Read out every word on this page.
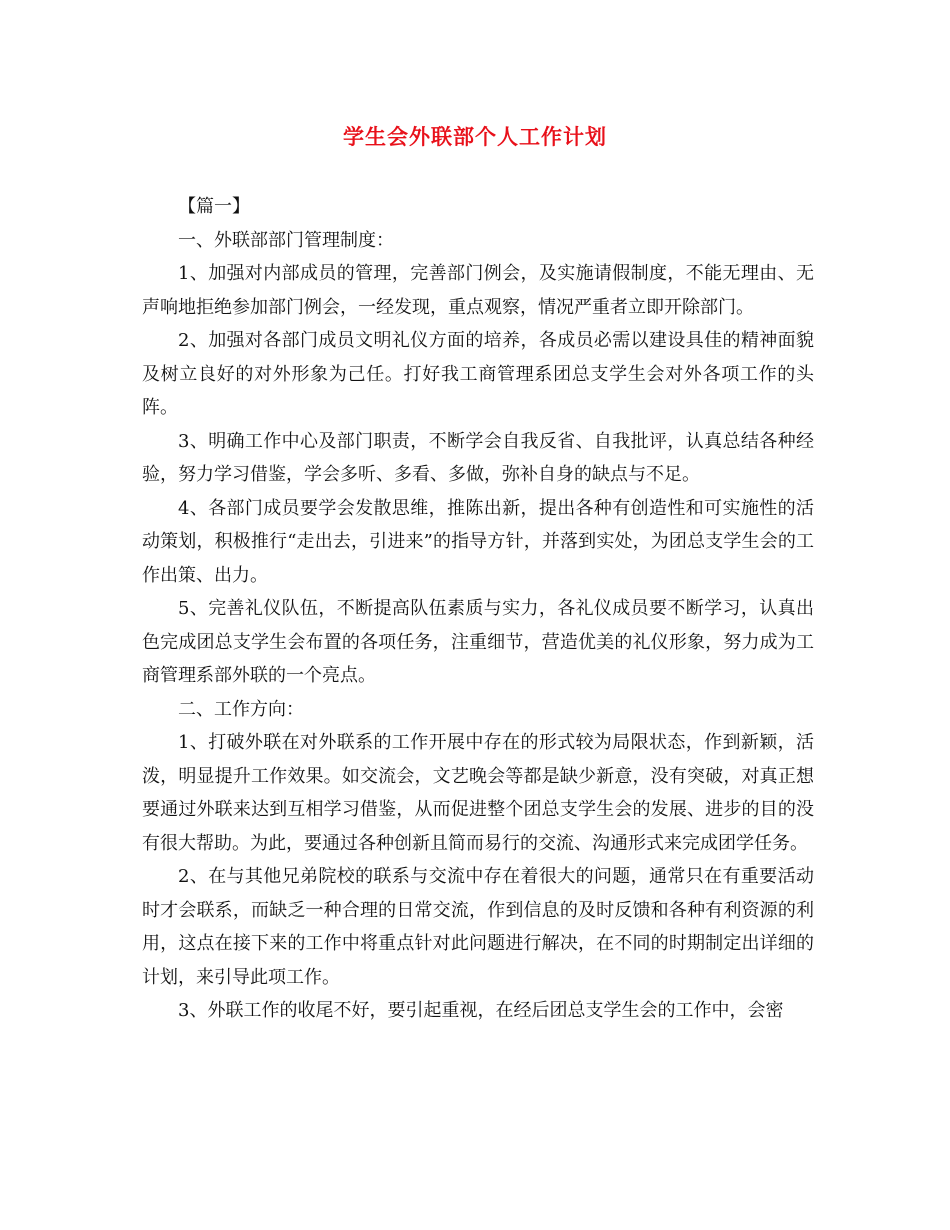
学生会外联部个人工作计划

【篇一】

一、外联部部门管理制度：

1、加强对内部成员的管理，完善部门例会，及实施请假制度，不能无理由、无声响地拒绝参加部门例会，一经发现，重点观察，情况严重者立即开除部门。

2、加强对各部门成员文明礼仪方面的培养，各成员必需以建设具佳的精神面貌及树立良好的对外形象为己任。打好我工商管理系团总支学生会对外各项工作的头阵。

3、明确工作中心及部门职责，不断学会自我反省、自我批评，认真总结各种经验，努力学习借鉴，学会多听、多看、多做，弥补自身的缺点与不足。

4、各部门成员要学会发散思维，推陈出新，提出各种有创造性和可实施性的活动策划，积极推行“走出去，引进来”的指导方针，并落到实处，为团总支学生会的工作出策、出力。

5、完善礼仪队伍，不断提高队伍素质与实力，各礼仪成员要不断学习，认真出色完成团总支学生会布置的各项任务，注重细节，营造优美的礼仪形象，努力成为工商管理系部外联的一个亮点。

二、工作方向：

1、打破外联在对外联系的工作开展中存在的形式较为局限状态，作到新颖，活泼，明显提升工作效果。如交流会，文艺晚会等都是缺少新意，没有突破，对真正想要通过外联来达到互相学习借鉴，从而促进整个团总支学生会的发展、进步的目的没有很大帮助。为此，要通过各种创新且简而易行的交流、沟通形式来完成团学任务。

2、在与其他兄弟院校的联系与交流中存在着很大的问题，通常只在有重要活动时才会联系，而缺乏一种合理的日常交流，作到信息的及时反馈和各种有利资源的利用，这点在接下来的工作中将重点针对此问题进行解决，在不同的时期制定出详细的计划，来引导此项工作。

3、外联工作的收尾不好，要引起重视，在经后团总支学生会的工作中，会密
